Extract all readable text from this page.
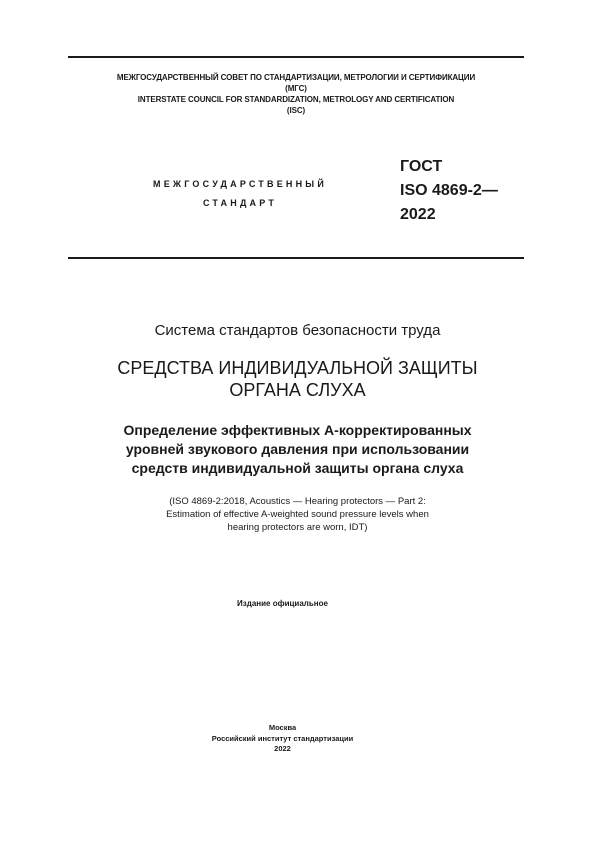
МЕЖГОСУДАРСТВЕННЫЙ СОВЕТ ПО СТАНДАРТИЗАЦИИ, МЕТРОЛОГИИ И СЕРТИФИКАЦИИ
(МГС)
INTERSTATE COUNCIL FOR STANDARDIZATION, METROLOGY AND CERTIFICATION
(ISC)
МЕЖГОСУДАРСТВЕННЫЙ
СТАНДАРТ
ГОСТ
ISO 4869-2—
2022
Система стандартов безопасности труда
СРЕДСТВА ИНДИВИДУАЛЬНОЙ ЗАЩИТЫ
ОРГАНА СЛУХА
Определение эффективных А-корректированных
уровней звукового давления при использовании
средств индивидуальной защиты органа слуха
(ISO 4869-2:2018, Acoustics — Hearing protectors — Part 2:
Estimation of effective A-weighted sound pressure levels when
hearing protectors are worn, IDT)
Издание официальное
Москва
Российский институт стандартизации
2022
